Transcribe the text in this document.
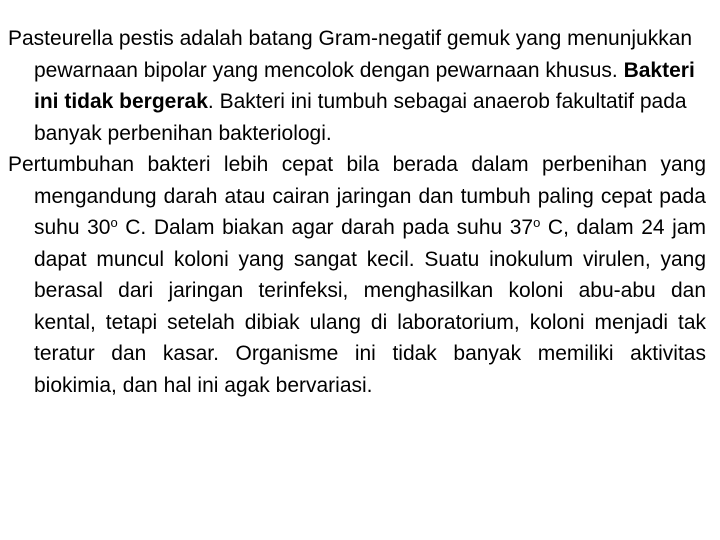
Pasteurella pestis adalah batang Gram-negatif gemuk yang menunjukkan pewarnaan bipolar yang mencolok dengan pewarnaan khusus. Bakteri ini tidak bergerak. Bakteri ini tumbuh sebagai anaerob fakultatif pada banyak perbenihan bakteriologi.

Pertumbuhan bakteri lebih cepat bila berada dalam perbenihan yang mengandung darah atau cairan jaringan dan tumbuh paling cepat pada suhu 30$^o$ C. Dalam biakan agar darah pada suhu 37$^o$ C, dalam 24 jam dapat muncul koloni yang sangat kecil. Suatu inokulum virulen, yang berasal dari jaringan terinfeksi, menghasilkan koloni abu-abu dan kental, tetapi setelah dibiak ulang di laboratorium, koloni menjadi tak teratur dan kasar. Organisme ini tidak banyak memiliki aktivitas biokimia, dan hal ini agak bervariasi.
